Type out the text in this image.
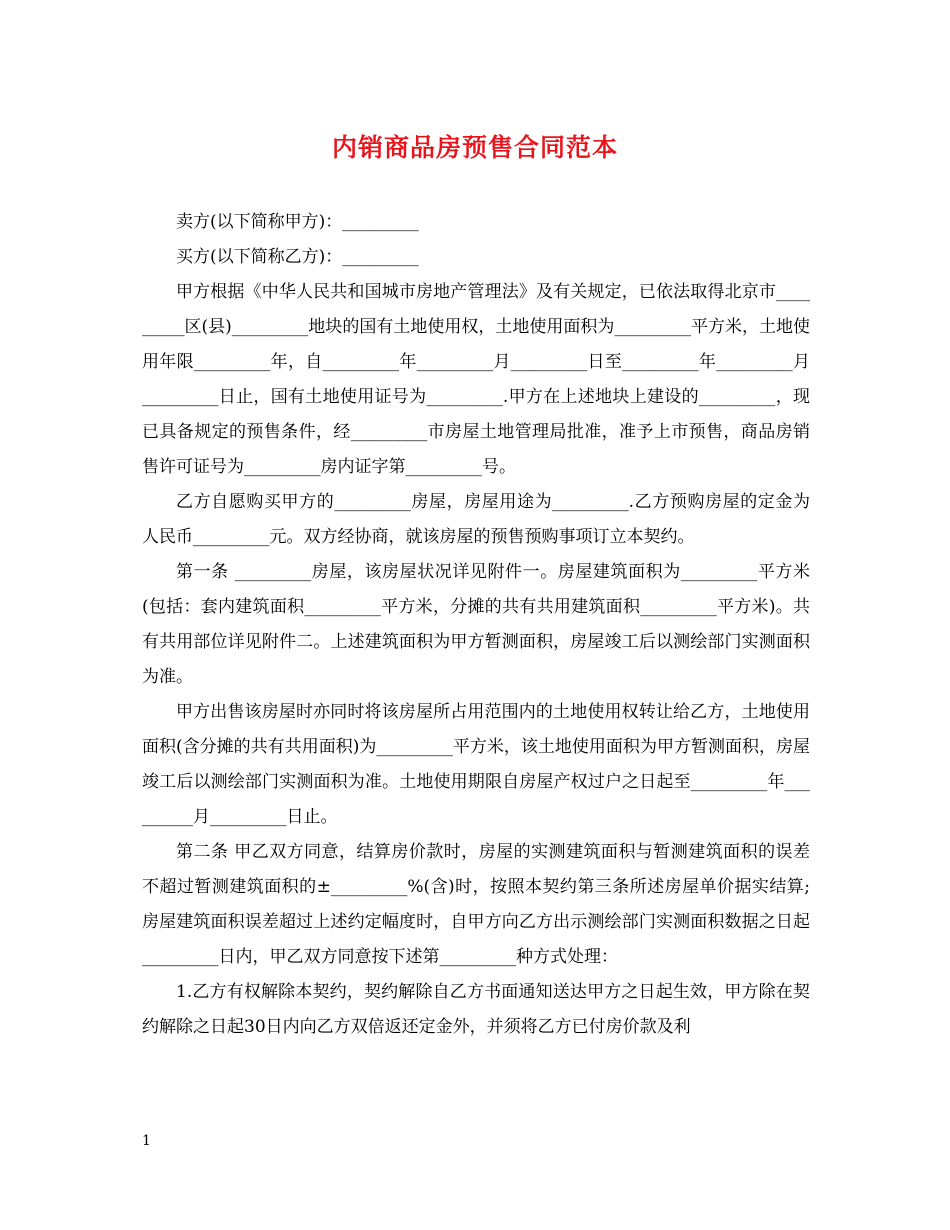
内销商品房预售合同范本

卖方(以下简称甲方)：_________

买方(以下简称乙方)：_________

甲方根据《中华人民共和国城市房地产管理法》及有关规定，已依法取得北京市_________区(县)_________地块的国有土地使用权，土地使用面积为_________平方米，土地使用年限_________年，自_________年_________月_________日至_________年_________月_________日止，国有土地使用证号为_________.甲方在上述地块上建设的_________，现已具备规定的预售条件，经_________市房屋土地管理局批准，准予上市预售，商品房销售许可证号为_________房内证字第_________号。

乙方自愿购买甲方的_________房屋，房屋用途为_________.乙方预购房屋的定金为人民币_________元。双方经协商，就该房屋的预售预购事项订立本契约。

第一条 _________房屋，该房屋状况详见附件一。房屋建筑面积为_________平方米(包括：套内建筑面积_________平方米，分摊的共有共用建筑面积_________平方米)。共有共用部位详见附件二。上述建筑面积为甲方暂测面积，房屋竣工后以测绘部门实测面积为准。

甲方出售该房屋时亦同时将该房屋所占用范围内的土地使用权转让给乙方，土地使用面积(含分摊的共有共用面积)为_________平方米，该土地使用面积为甲方暂测面积，房屋竣工后以测绘部门实测面积为准。土地使用期限自房屋产权过户之日起至_________年_________月_________日止。

第二条 甲乙双方同意，结算房价款时，房屋的实测建筑面积与暂测建筑面积的误差不超过暂测建筑面积的±_________%(含)时，按照本契约第三条所述房屋单价据实结算;房屋建筑面积误差超过上述约定幅度时，自甲方向乙方出示测绘部门实测面积数据之日起_________日内，甲乙双方同意按下述第_________种方式处理：

1.乙方有权解除本契约，契约解除自乙方书面通知送达甲方之日起生效，甲方除在契约解除之日起30日内向乙方双倍返还定金外，并须将乙方已付房价款及利

1
